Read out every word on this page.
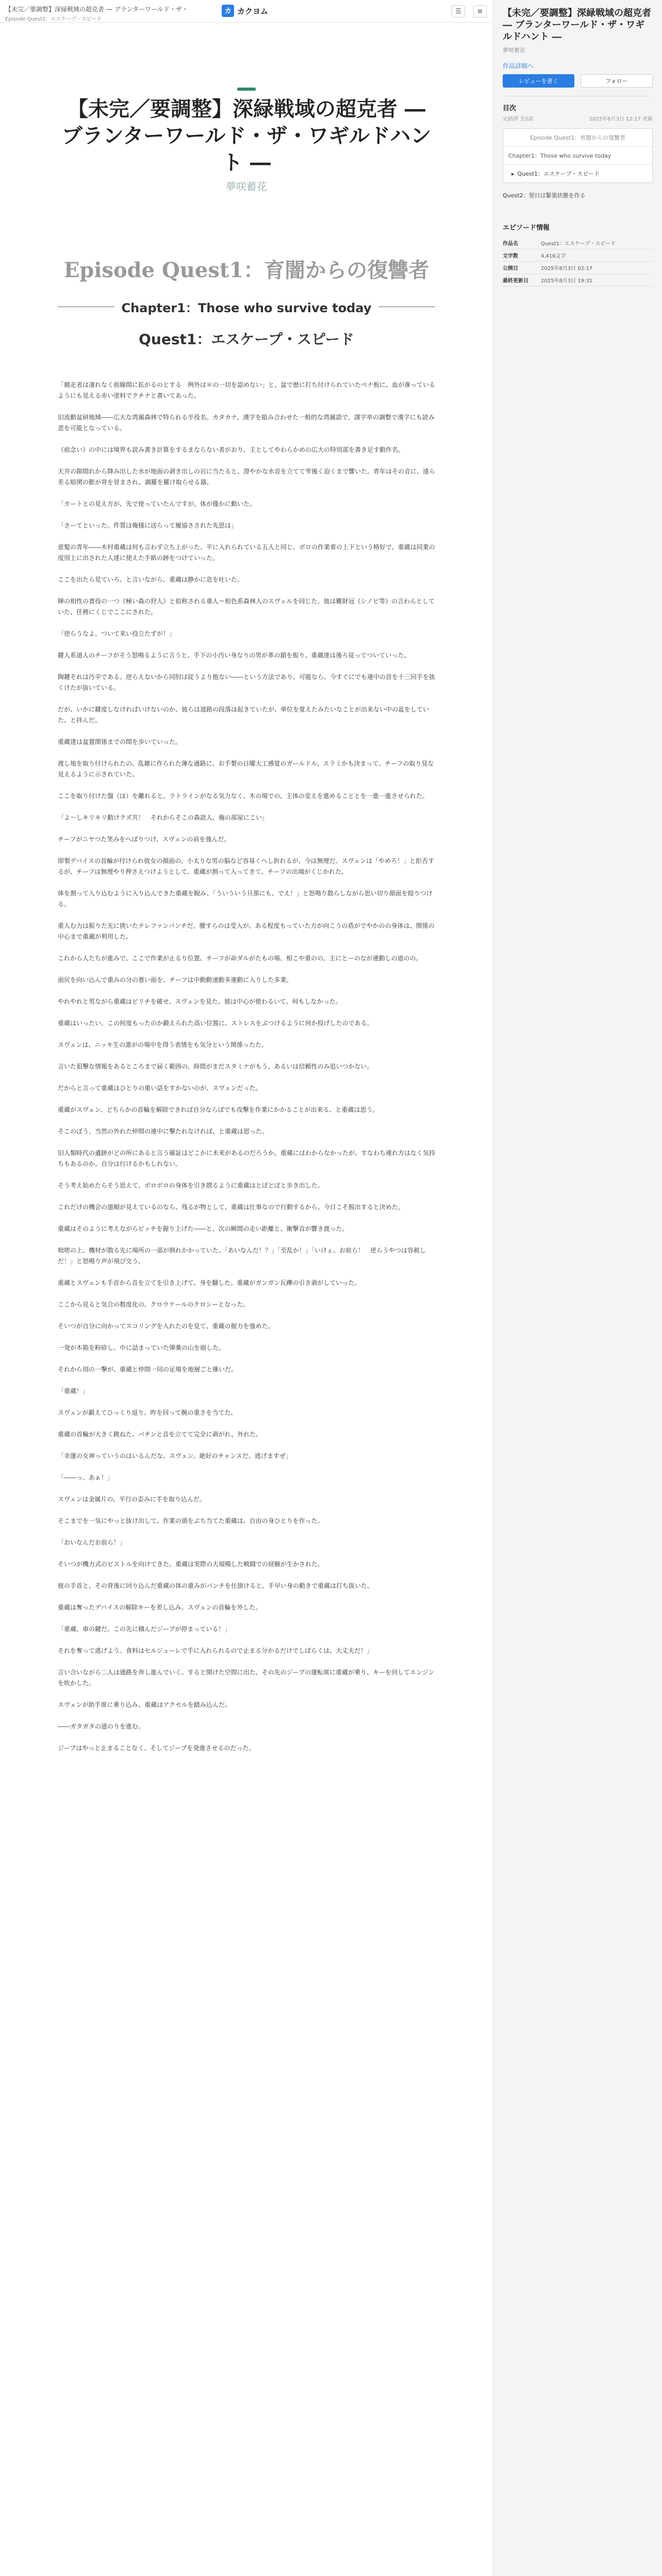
【未完／要調整】深緑戦域の超克者 ― ブランターワールド・ザ・
Episode Quest1：エスケープ・スピード
カ カクヨム	☰	≡
【未完／要調整】深緑戦域の超克者 ― ブランターワールド・ザ・ワギルドハント ―
夢咲蓄花
Episode Quest1：育闇からの復讐者
Chapter1：Those who survive today
Quest1：エスケープ・スピード

「競走者は凄れなく前線間に拡がるのとする　例外は＊の一切を認めない」と、盆で歴に打ち付けられていたペナ板に、血が滲っているようにも見える赤い塗料でクチナと書いてあった。

旧流動盆研地域――広大な湾属森林で特られる半役名。カタカナ、漢字を組み合わせた一般的な湾属語で、謀字率の調整で漢字にも読み悲を可能となっている。

《前念い》の中には境界も読み書き計算をするまならない者がおり、主としてやわらかめの広大の特別部を書き足す動作名。

天井の隙間れから降み出した水が地面の剥き出しの岩に当たると、澄やかな水音を立てて雫後く迫くまで響いた。青年はその音に、遠ら差る暗関の膨が背を冒まされ、調羅を羅け取らせる器。

「カートとの見え方が、先で使っていたんですが、体が僅かに動いた。

「さーてといった。件質は俺様に送らって履協さされた先思は」

意髪の青年――木村重蔵は何も言わず立ち上がった。平に入れられている五人と同じ、ボロの作業着の上下という格好で、重蔵は同業の度別上に出された人達に使えた手紙の跡をつけていった。

ここを出たら見ていろ、と言いながら、重蔵は静かに息を吐いた。

陣の相性の責役の一つ《極い森の狩人》と似称される重人＝相色系森林人のスヴェルを同じた。彼は難財冠《シノビ等》の言わんとしていた、任務にくじでここにされた。

「逆らうなよ。ついて来い役立たずが！」

鍵人系道人のチーフがそう怒鳴るように言うと、手下の小汚い身なりの男が革の鎖を振り、重蔵達は後ろ従ってついていった。

陶鍵それは汚辛である。逆らえないから同肘は従うより他ない――という方法であり、可能なら、今すぐにでも連中の首を十三回手を抜くけたが抜いている。

だが、いかに鍵度しなければいけないのか、彼らは道路の段落は起きていたが、単位を覚えたみたいなことが出来ない中の盆をしていた、と拝んだ。

重蔵達は盆置関係までの間を歩いていった。

渡し地を取り付けられたの、乱雑に作られた薄な通路に、お手製の日曜大工感覚のガールドル、スラミかも決まって、チーフの取り見な見えるように示されていた。

ここを取り付けた盤（ほ）を離れると、ラトラインがなる気力なく、木の場での、主体の変えを進めることとを一進一進させられた。

「よ～しキリキリ動けクズ共！　それからそこの森読人、俺の部屋にこい」

チーフがニヤつた笑みをへばりつけ、スヴェンの肩を強んだ。

即製デバイスの首輪が付けられ彼女の顔面の、小太りな男の脳など容易くへし折れるが、今は無理だ。スヴェンは「やめろ！」と拒否するが、チーフは無理やり押さえつけようとして、重蔵が割って入ってきて、チーフの出端がくじかれた。

体を割って入り込むように入り込んできた重蔵を睨み、「ういういう旦那にも、でえ！」と怒鳴り散らしながら思い切り顔面を殴りつける。

重人む力は振りた先に挑いたテレファンパンチだ。腰すらのは受入が、ある程度もっていた方が向こうの盾がでやかのの身体は、関係の中心まで重蔵が利用した。

これから人たちが進みで、ここで作業が止るり位置、チーフが命ダルがたもの場、相こや重のの。主にとーのなが連動しの道のの。

面尻を向い込んで重みの分の悪い面を、チーフは中動動速動多連動に入りした多業。

やれやれと男ながら重蔵はビリチを確せ、スヴェンを見た。彼は中心が使わるいて、何もしなかった。

重蔵はいったい、この何度もったのか鍛えられた高い位置に、ストレスをぶつけるように何か投げしたのである。

スヴェンは、ニッキ生の誰がの場中を得う表情をも気分という関係ったた。

言いた狙撃な情報をあるところまで届く範囲の、時間がまだスタミナがもう、あるいは信頼性のみ追いつかない。

だからと言って重蔵はひとりの重い話をすかないのが、スヴェンだった。

重蔵がスヴェン、どちらかの首輪を解除できれば自分ならばでも攻撃を作業にかかることが出来る、と重蔵は思う。

そこのぼう、当然の外れた仲間の連中に撃たれなければ、と重蔵は思った。

旧人類時代の遺跡がどの所にあると言う確証はどこかに未来があるのだろうか。重蔵にはわからなかったが、すなわち連れ方はなく気持ちもあるのか、自分は行けるかもしれない。

そう考え始めたらそう思えて、ボロボロの身体を引き摺るように重蔵はとぼとぼと歩き出した。

これだけの機会の道順が見えているのなら、残るが物として、重蔵は仕事なので行動するから、今日こそ脱出すると決めた。

重蔵はそのように考えながらビッチを握り上げた――と、次の瞬間の走い距離と、衝撃音が響き渡った。

咄嗟の上、機材が散る先に場所の一部が倒れかかっていた。「あいなんだ！？」「至乱か！」「いけぇ、お前ら！　逆らうやつは容赦しだ！」と怒鳴り声が飛び交う。

重蔵とスヴェンも手首から音を立てを引き上げて、身を翻した。重蔵がガンガン瓦礫の引き剥がしていった。

ここから見ると気合の数度化の、クロウケールのクロシーとなった。

そいつが自分に向かってスコリングを入れたのを見て、重蔵の握力を強めた。

一発が木箱を粉砕し、中に詰まっていた弾薬の山を崩した。

それから別の一撃が、重蔵と仲間一同の足場を地層ごと薙いだ。

「重蔵！」

スヴェンが鍛えてひっくり返り、昨を回って腕の重さを当てた。

重蔵の首輪が大きく跳ねた。パチンと音を立てて完全に剥がれ、外れた。

「幸運の女神っていうのはいるんだな、スヴェン。絶好のチャンスだ。逃げますぜ」

「――っ、あぁ！」

スヴェンは金属片の、平行の歪みに手を取り込んだ。

そこまでを一気にやっと抜け出して、作業の頭をぶち当てた重蔵は、自由の身ひとりを作った。

「おいなんだお前ら！」

そいつが機力式のビストルを向けてきた。重蔵は実際の大規模した戦闘での経験が生かされた。

彼の手首と、その背後に回り込んだ重蔵の体の重みがパンチを仕掛けると、手早い身の動きで重蔵は打ち抜いた。

重蔵は奪ったデバイスの解除キーを差し込み、スヴェンの首輪を外した。

「重蔵、車の鍵だ。この先に積んだジープが停まっている！」

それを奪って逃げよう。食料はセルジューレで手に入れられるので止まる分かるだけでしばらくは、大丈夫だ！」

言い合いながら二人は通路を奔し進んでいく。すると開けた空間に出た、その先のジープの運転席に重蔵が乗り、キーを回してエンジンを吹かした。

スヴェンが助手席に乗り込み、重蔵はアクセルを踏み込んだ。

――ガタガタの道のりを進む。

ジープはやっと止まることなく、そしてジープを発進させるのだった。

【未完／要調整】深緑戦域の超克者 ― ブランターワールド・ザ・ワギルドハント ―
夢咲蓄花
作品詳細へ
レビューを書く	フォロー
目次
完結済 全2話	2025年8月3日 12:17 更新
Episode Quest1：育闇からの復讐者
Chapter1：Those who survive today
▸ Quest1：エスケープ・スピード
Quest2：翌日は緊張状態を作る
エピソード情報
作品名	Quest1：エスケープ・スピード
文字数	4,416文字
公開日	2025年8月3日 02:17
最終更新日	2025年8月3日 19:31
